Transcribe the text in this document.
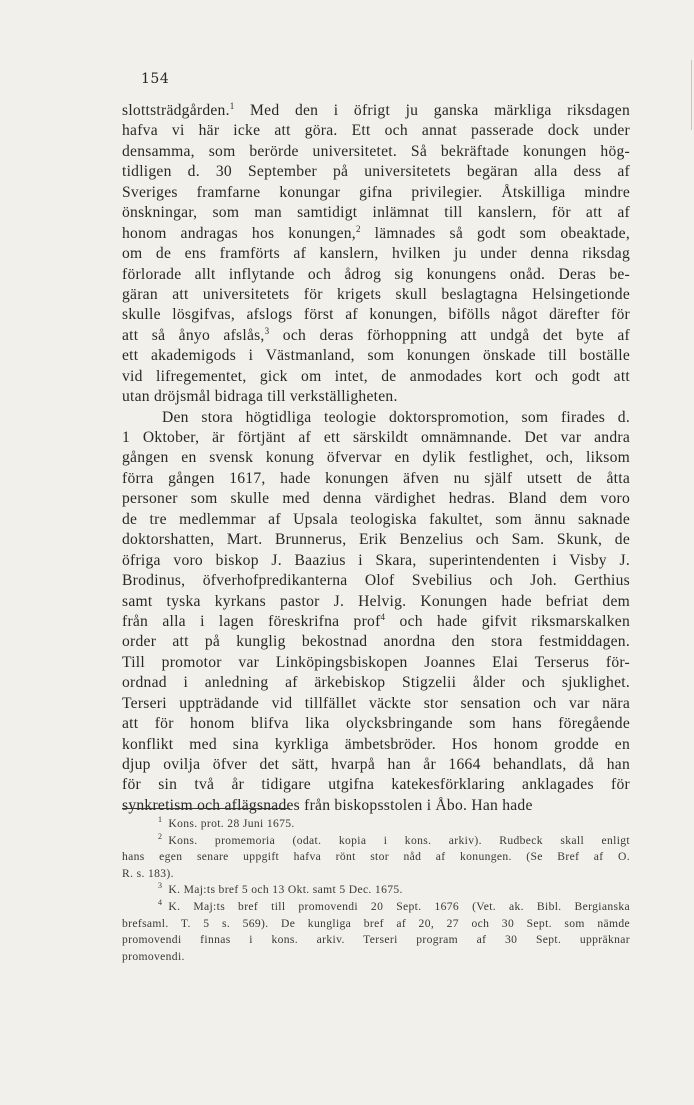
154
slottsträdgården.$^1$ Med den i öfrigt ju ganska märkliga riksdagen
hafva vi här icke att göra. Ett och annat passerade dock under
densamma, som berörde universitetet. Så bekräftade konungen hög-
tidligen d. 30 September på universitetets begäran alla dess af
Sveriges framfarne konungar gifna privilegier. Åtskilliga mindre
önskningar, som man samtidigt inlämnat till kanslern, för att af
honom andragas hos konungen,$^2$ lämnades så godt som obeaktade,
om de ens framförts af kanslern, hvilken ju under denna riksdag
förlorade allt inflytande och ådrog sig konungens onåd. Deras be-
gäran att universitetets för krigets skull beslagtagna Helsingetionde
skulle lösgifvas, afslogs först af konungen, bifölls något därefter för
att så ånyo afslås,$^3$ och deras förhoppning att undgå det byte af
ett akademigods i Västmanland, som konungen önskade till boställe
vid lifregementet, gick om intet, de anmodades kort och godt att
utan dröjsmål bidraga till verkställigheten.
Den stora högtidliga teologie doktorspromotion, som firades d.
1 Oktober, är förtjänt af ett särskildt omnämnande. Det var andra
gången en svensk konung öfvervar en dylik festlighet, och, liksom
förra gången 1617, hade konungen äfven nu själf utsett de åtta
personer som skulle med denna värdighet hedras. Bland dem voro
de tre medlemmar af Upsala teologiska fakultet, som ännu saknade
doktorshatten, Mart. Brunnerus, Erik Benzelius och Sam. Skunk, de
öfriga voro biskop J. Baazius i Skara, superintendenten i Visby J.
Brodinus, öfverhofpredikanterna Olof Svebilius och Joh. Gerthius
samt tyska kyrkans pastor J. Helvig. Konungen hade befriat dem
från alla i lagen föreskrifna prof$^4$ och hade gifvit riksmarskalken
order att på kunglig bekostnad anordna den stora festmiddagen.
Till promotor var Linköpingsbiskopen Joannes Elai Terserus för-
ordnad i anledning af ärkebiskop Stigzelii ålder och sjuklighet.
Terseri uppträdande vid tillfället väckte stor sensation och var nära
att för honom blifva lika olycksbringande som hans föregående
konflikt med sina kyrkliga ämbetsbröder. Hos honom grodde en
djup ovilja öfver det sätt, hvarpå han år 1664 behandlats, då han
för sin två år tidigare utgifna katekesförklaring anklagades för
synkretism och aflägsnades från biskopsstolen i Åbo. Han hade
$^1$ Kons. prot. 28 Juni 1675.
$^2$ Kons. promemoria (odat. kopia i kons. arkiv). Rudbeck skall enligt
hans egen senare uppgift hafva rönt stor nåd af konungen. (Se Bref af O.
R. s. 183).
$^3$ K. Maj:ts bref 5 och 13 Okt. samt 5 Dec. 1675.
$^4$ K. Maj:ts bref till promovendi 20 Sept. 1676 (Vet. ak. Bibl. Bergianska
brefsaml. T. 5 s. 569). De kungliga bref af 20, 27 och 30 Sept. som nämde
promovendi finnas i kons. arkiv. Terseri program af 30 Sept. uppräknar
promovendi.
